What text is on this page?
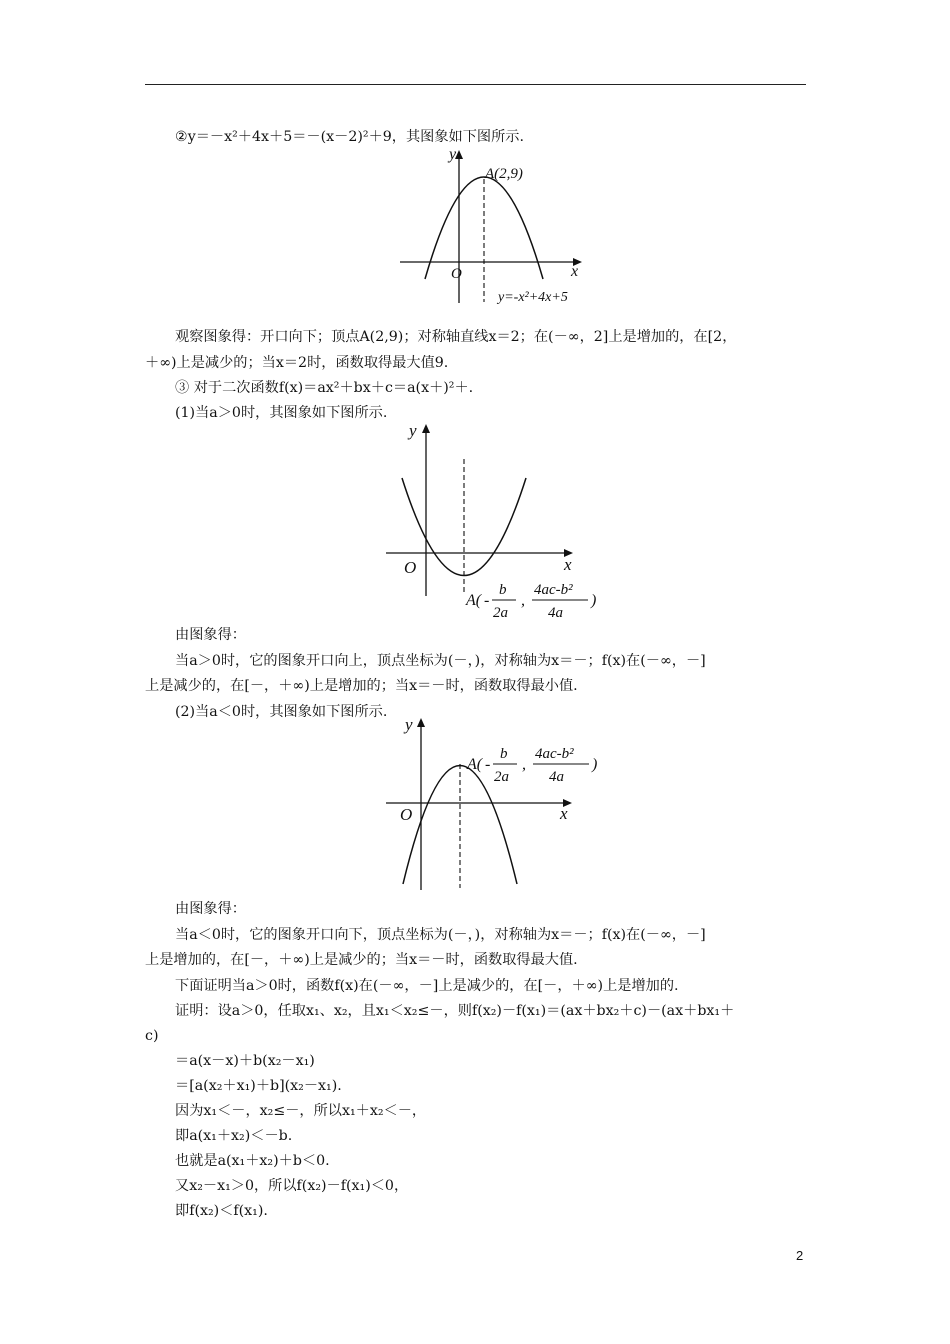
②y＝－x²＋4x＋5＝－(x－2)²＋9，其图象如下图所示.
y
x
O
A(2,9)
y=-x²+4x+5
观察图象得：开口向下；顶点A(2,9)；对称轴直线x＝2；在(－∞，2]上是增加的，在[2，
＋∞)上是减少的；当x＝2时，函数取得最大值9.
③ 对于二次函数f(x)＝ax²＋bx＋c＝a(x＋)²＋.
(1)当a＞0时，其图象如下图所示.
y
x
O
A( -
b
2a
,
4ac-b²
4a
)
由图象得：
当a＞0时，它的图象开口向上，顶点坐标为(－，)，对称轴为x＝－；f(x)在(－∞，－]
上是减少的，在[－，＋∞)上是增加的；当x＝－时，函数取得最小值.
(2)当a＜0时，其图象如下图所示.
y
x
O
A( -
b
2a
,
4ac-b²
4a
)
由图象得：
当a＜0时，它的图象开口向下，顶点坐标为(－，)，对称轴为x＝－；f(x)在(－∞，－]
上是增加的，在[－，＋∞)上是减少的；当x＝－时，函数取得最大值.
下面证明当a＞0时，函数f(x)在(－∞，－]上是减少的，在[－，＋∞)上是增加的.
证明：设a＞0，任取x₁、x₂，且x₁＜x₂≤－，则f(x₂)－f(x₁)＝(ax＋bx₂＋c)－(ax＋bx₁＋
c)
＝a(x－x)＋b(x₂－x₁)
＝[a(x₂＋x₁)＋b](x₂－x₁).
因为x₁＜－，x₂≤－，所以x₁＋x₂＜－，
即a(x₁＋x₂)＜－b.
也就是a(x₁＋x₂)＋b＜0.
又x₂－x₁＞0，所以f(x₂)－f(x₁)＜0，
即f(x₂)＜f(x₁).
2
